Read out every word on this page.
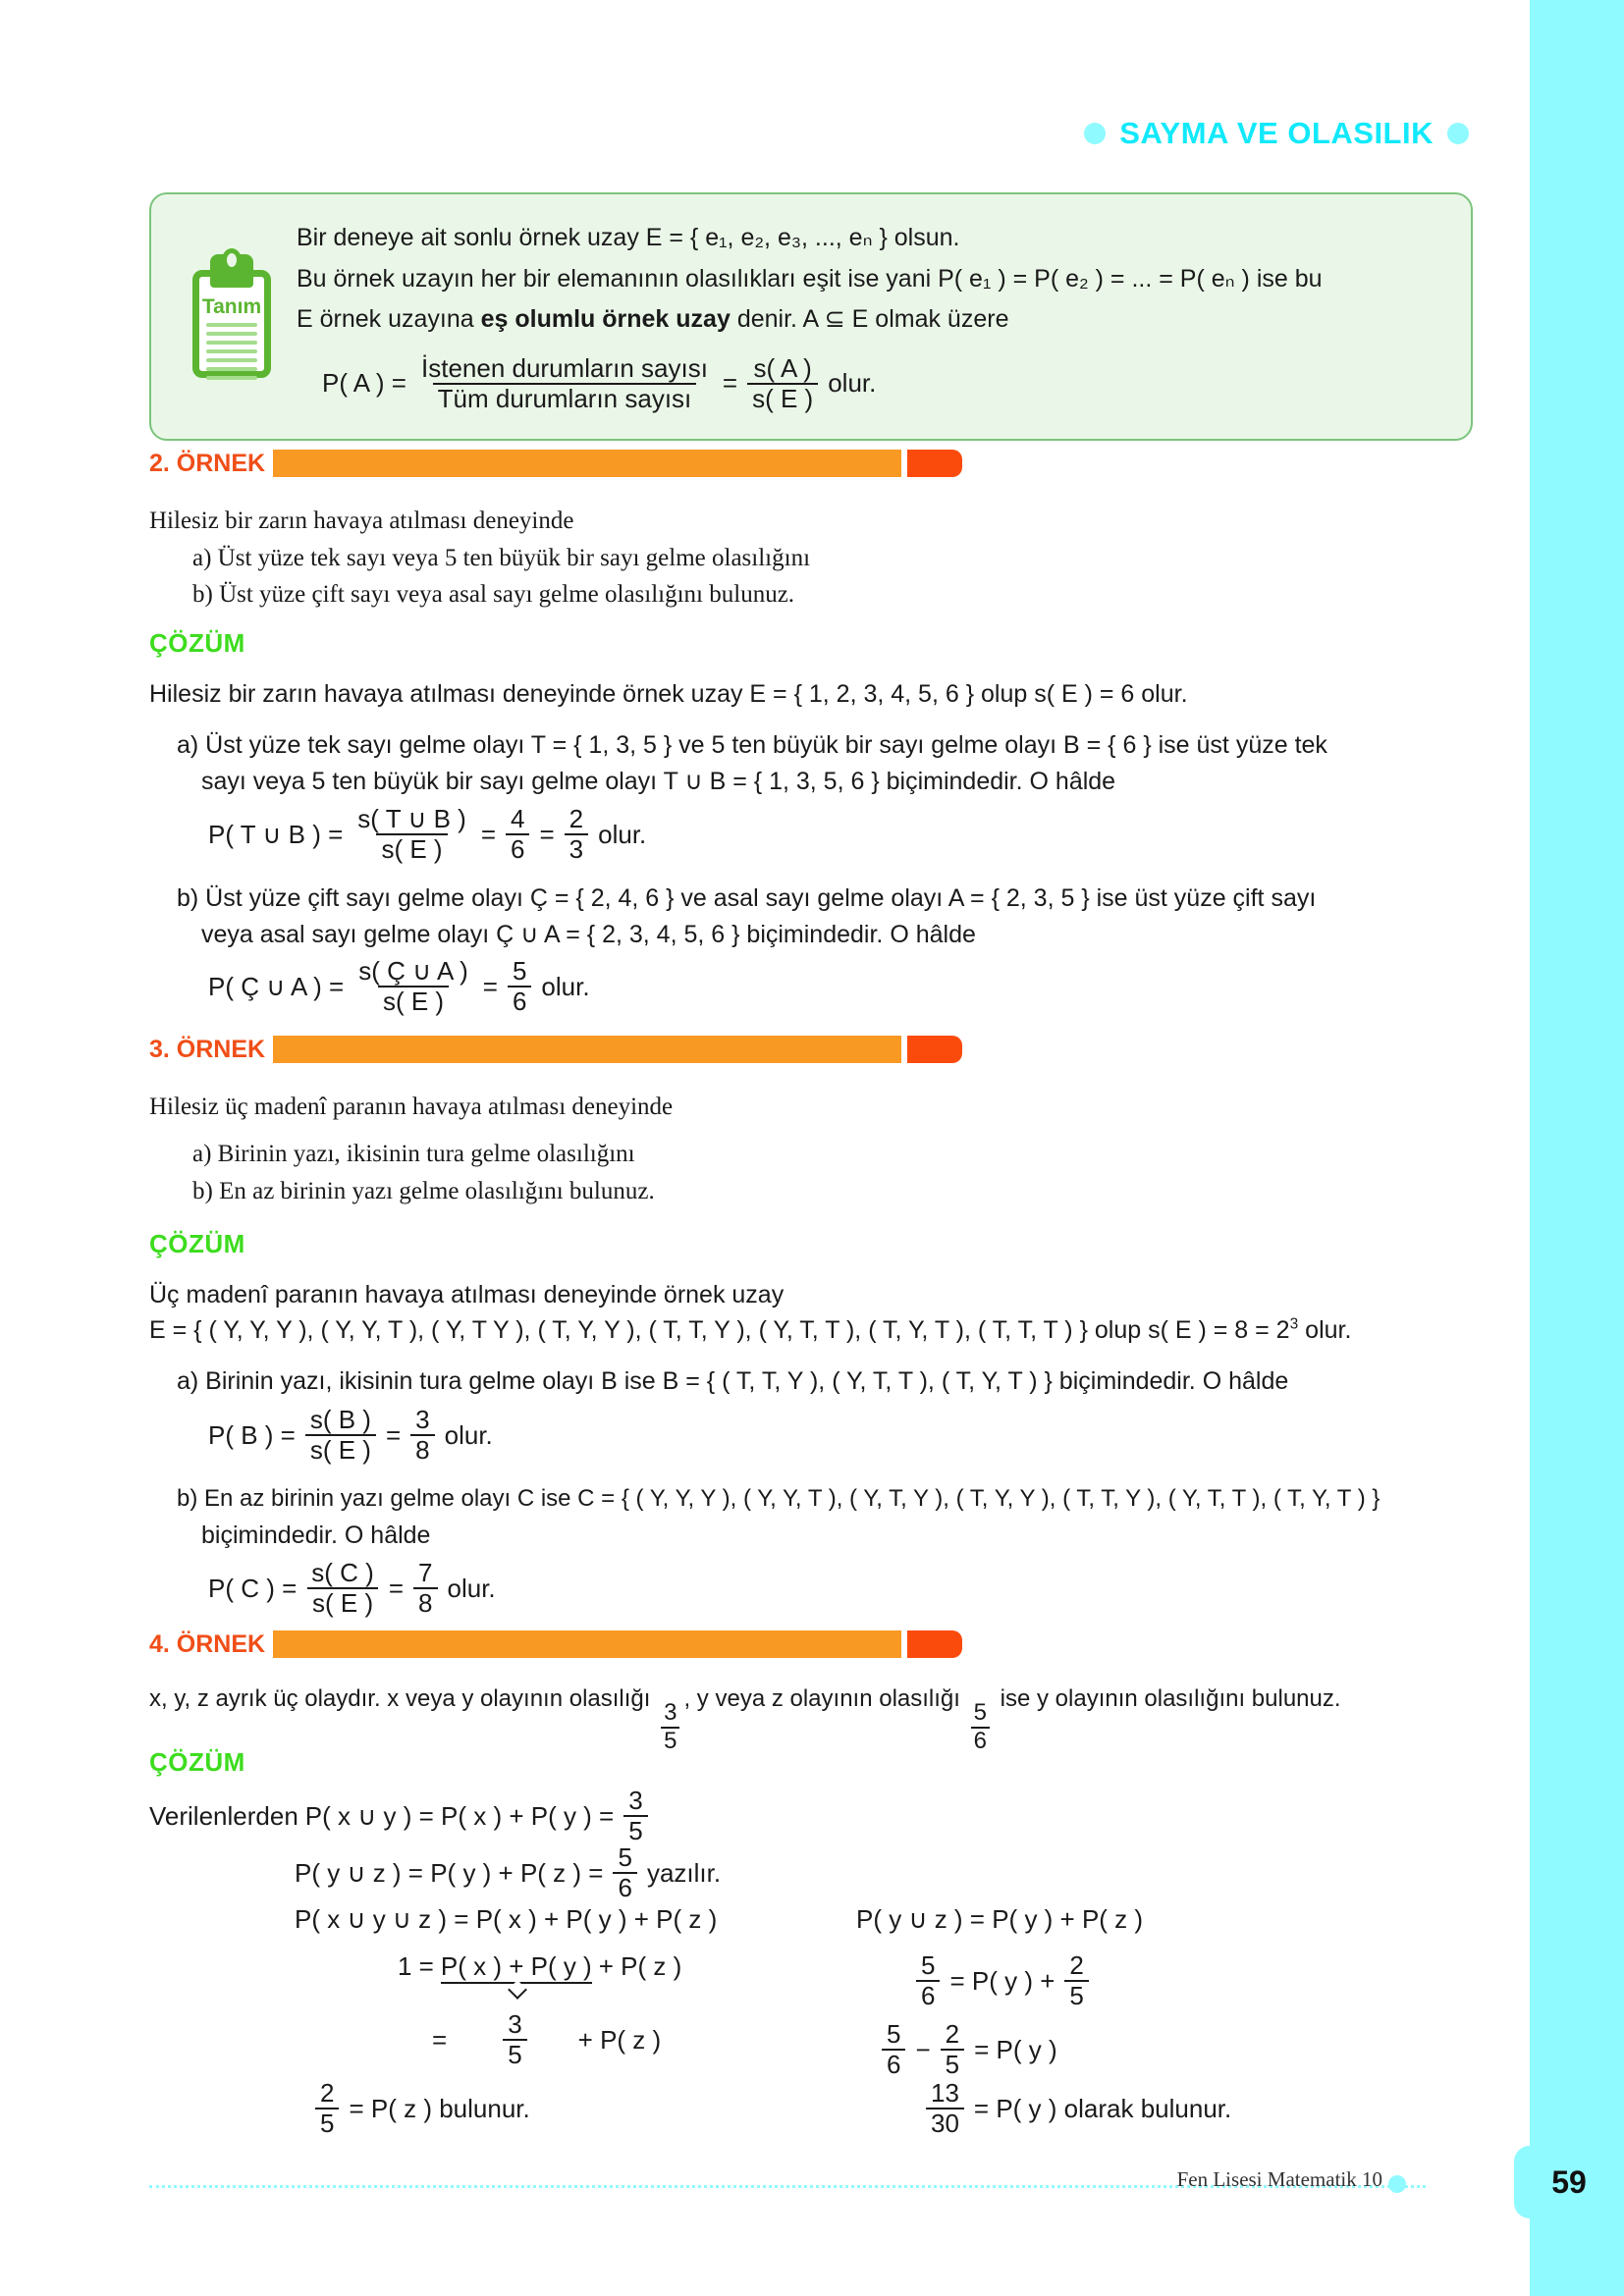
SAYMA VE OLASILIK
Tanım

Bir deneye ait sonlu örnek uzay E = { e₁, e₂, e₃, ..., eₙ } olsun.

Bu örnek uzayın her bir elemanının olasılıkları eşit ise yani P( e₁ ) = P( e₂ ) = ... = P( eₙ ) ise bu

E örnek uzayına eş olumlu örnek uzay denir. A ⊆ E olmak üzere

P( A ) = $\frac{\text{İstenen durumların sayısı}}{\text{Tüm durumların sayısı}} = \frac{s( A )}{s( E )}$ olur.
2. ÖRNEK
Hilesiz bir zarın havaya atılması deneyinde
a) Üst yüze tek sayı veya 5 ten büyük bir sayı gelme olasılığını
b) Üst yüze çift sayı veya asal sayı gelme olasılığını bulunuz.
ÇÖZÜM
Hilesiz bir zarın havaya atılması deneyinde örnek uzay E = { 1, 2, 3, 4, 5, 6 } olup s( E ) = 6 olur.
a) Üst yüze tek sayı gelme olayı T = { 1, 3, 5 } ve 5 ten büyük bir sayı gelme olayı B = { 6 } ise üst yüze tek
sayı veya 5 ten büyük bir sayı gelme olayı T ∪ B = { 1, 3, 5, 6 } biçimindedir. O hâlde
P( T ∪ B ) = $\frac{s( T \cup B )}{s( E )} = \frac{4}{6} = \frac{2}{3}$ olur.
b) Üst yüze çift sayı gelme olayı Ç = { 2, 4, 6 } ve asal sayı gelme olayı A = { 2, 3, 5 } ise üst yüze çift sayı
veya asal sayı gelme olayı Ç ∪ A = { 2, 3, 4, 5, 6 } biçimindedir. O hâlde
P( Ç ∪ A ) = $\frac{s( Ç \cup A )}{s( E )} = \frac{5}{6}$ olur.
3. ÖRNEK
Hilesiz üç madenî paranın havaya atılması deneyinde
a) Birinin yazı, ikisinin tura gelme olasılığını
b) En az birinin yazı gelme olasılığını bulunuz.
ÇÖZÜM
Üç madenî paranın havaya atılması deneyinde örnek uzay
E = { ( Y, Y, Y ), ( Y, Y, T ), ( Y, T Y ), ( T, Y, Y ), ( T, T, Y ), ( Y, T, T ), ( T, Y, T ), ( T, T, T ) } olup s( E ) = $8 = 2^3$ olur.
a) Birinin yazı, ikisinin tura gelme olayı B ise B = { ( T, T, Y ), ( Y, T, T ), ( T, Y, T ) } biçimindedir. O hâlde
P( B ) = $\frac{s( B )}{s( E )} = \frac{3}{8}$ olur.
b) En az birinin yazı gelme olayı C ise C = { ( Y, Y, Y ), ( Y, Y, T ), ( Y, T, Y ), ( T, Y, Y ), ( T, T, Y ), ( Y, T, T ), ( T, Y, T ) }
biçimindedir. O hâlde
P( C ) = $\frac{s( C )}{s( E )} = \frac{7}{8}$ olur.
4. ÖRNEK
x, y, z ayrık üç olaydır. x veya y olayının olasılığı
$\frac{3}{5}$
, y veya z olayının olasılığı
$\frac{5}{6}$
ise y olayının olasılığını bulunuz.
ÇÖZÜM
Verilenlerden P( x ∪ y ) = P( x ) + P( y ) = $\frac{3}{5}$
P( y ∪ z ) = P( y ) + P( z ) = $\frac{5}{6}$ yazılır.
P( x ∪ y ∪ z ) = P( x ) + P( y ) + P( z )
1 = P( x ) + P( y ) + P( z )
= $\frac{3}{5} + P$( z )
$\frac{2}{5} = P$( z ) bulunur.
P( y ∪ z ) = P( y ) + P( z )
$\frac{5}{6} = P$( y ) + $\frac{2}{5}$
$\frac{5}{6} - \frac{2}{5} = P$( y )
$\frac{13}{30} = P$( y ) olarak bulunur.
Fen Lisesi Matematik 10	59
